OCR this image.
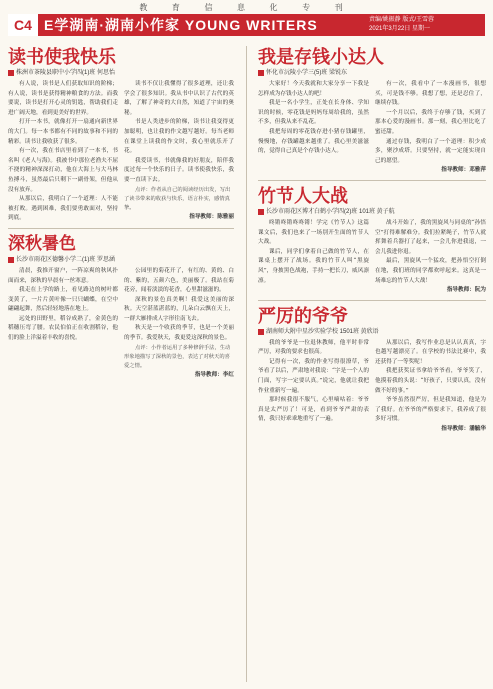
教 育 信 息 化 专 刊
C4 E学湖南·湖南小作家 YOUNG WRITERS	责编/姚振静 版式/王雪蓉
2021年3月22日 星期一
读书使我快乐
株洲市茶陵县职中小学四(1)班 何思怡

有人说，读书是人们获取知识的阶梯；有人说，读书是获得精神粮食的方法。而我要说，读书是打开心灵的钥匙，帮助我们走进广阔天地，看到更美好的世界。

打开一本书，就像打开一扇通向新世界的大门。每一本书都有不同的故事和不同的精彩。读书让我收获了很多。

有一次，我在书店里看到了一本书，书名叫《老人与海》。我被书中那位老渔夫不屈不挠的精神深深打动，他在大海上与大马林鱼搏斗，虽然最后只剩下一副骨架，但他从没有放弃。

从那以后，我明白了一个道理：人不能被打败。遇到困难，我们要勇敢面对，坚持到底。

读书不仅让我懂得了很多道理，还让我学会了很多知识。我从书中认识了古代的英雄，了解了神奇的大自然，知道了宇宙的奥秘。

书是人类进步的阶梯，读书让我变得更加聪明，也让我的作文越写越好。每当老师在课堂上读我的作文时，我心里就乐开了花。

我爱读书，书就像我的好朋友，陪伴我度过每一个快乐的日子。读书使我快乐，我要一直读下去。

点评：作者从自己的阅读经历出发，写出了读书带来的收获与快乐，语言朴实，感情真挚。

指导教师：陈雅丽

深秋暑色
长沙市雨花区德馨小学二(1)班 罗思涵

清晨，我推开窗户，一阵凉爽的秋风扑面而来，深秋的早晨有一丝寒意。

我走在上学的路上，看见路边的树叶都变黄了，一片片黄叶像一只只蝴蝶，在空中翩翩起舞，然后轻轻地落在地上。

远处的田野里，稻谷成熟了，金黄色的稻穗压弯了腰。农民伯伯正在收割稻谷，他们的脸上洋溢着丰收的喜悦。

公园里的菊花开了，有红的、黄的、白的、紫的，五颜六色，美丽极了。我站在菊花旁，闻着淡淡的花香，心里甜滋滋的。

深秋的景色真美啊！我爱这美丽的深秋。天空湛蓝湛蓝的，几朵白云飘在天上，一群大雁排成人字形往南飞去。

秋天是一个收获的季节，也是一个美丽的季节。我爱秋天，我更爱这深秋的景色。

点评：小作者运用了多种修辞手法，生动形象地描写了深秋的景色，表达了对秋天的喜爱之情。

指导教师：李红

我是存钱小达人
怀化市沅陵小学三(5)班 梁锐东

大家好！今天我就和大家分享一下我是怎样成为存钱小达人的吧！

我是一名小学生，正处在长身体、学知识的时候，零花钱是妈妈每周给我的，虽然不多，但我从来不乱花。

我把每周的零花钱存进小猪存钱罐里，慢慢地，存钱罐越来越重了。我心里美滋滋的，觉得自己真是个存钱小达人。

有一次，我看中了一本漫画书，很想买，可是钱不够。我想了想，还是忍住了，继续存钱。

一个月以后，我终于存够了钱，买到了那本心爱的漫画书。那一刻，我心里比吃了蜜还甜。

通过存钱，我明白了一个道理：积少成多，聚沙成塔。只要坚持，就一定能实现自己的愿望。

指导教师：邓雅萍

竹节人大战
长沙市雨花区博才白鹤小学四(2)班 101班 黄子航

咚锵咚锵咚咚锵！学完《竹节人》这篇课文后，我们也来了一场别开生面的竹节人大战。

课后，同学们拿着自己做的竹节人，在课桌上摆开了战场。我的竹节人叫“黑旋风”，身披黑色战袍，手持一把长刀，威风凛凛。

战斗开始了，我的黑旋风与同桌的“孙悟空”打得难解难分。我们拉紧绳子，竹节人就挥舞着兵器打了起来，一会儿你进我退，一会儿我进你退。

最后，黑旋风一个猛攻，把孙悟空打倒在地，我们班的同学都欢呼起来。这真是一场难忘的竹节人大战！

指导教师：阮为

严厉的爷爷
湖南师大附中星沙实验学校 1501班 黄欣语

我的爷爷是一位退休教师，他平时非常严厉，对我的要求也很高。

记得有一次，我的作业写得很潦草，爷爷看了以后，严肃地对我说：“字是一个人的门面，写字一定要认真。”说完，他就让我把作业重新写一遍。

那时候我很不服气，心里嘀咕着：爷爷真是太严厉了！可是，看到爷爷严肃的表情，我只好乖乖地重写了一遍。

从那以后，我写作业总是认认真真，字也越写越漂亮了。在学校的书法比赛中，我还获得了一等奖呢！

我把获奖证书拿给爷爷看，爷爷笑了，他摸着我的头说：“好孩子，只要认真，没有做不好的事。”

爷爷虽然很严厉，但是我知道，他是为了我好。在爷爷的严格要求下，我养成了很多好习惯。

指导教师：潘毓华
